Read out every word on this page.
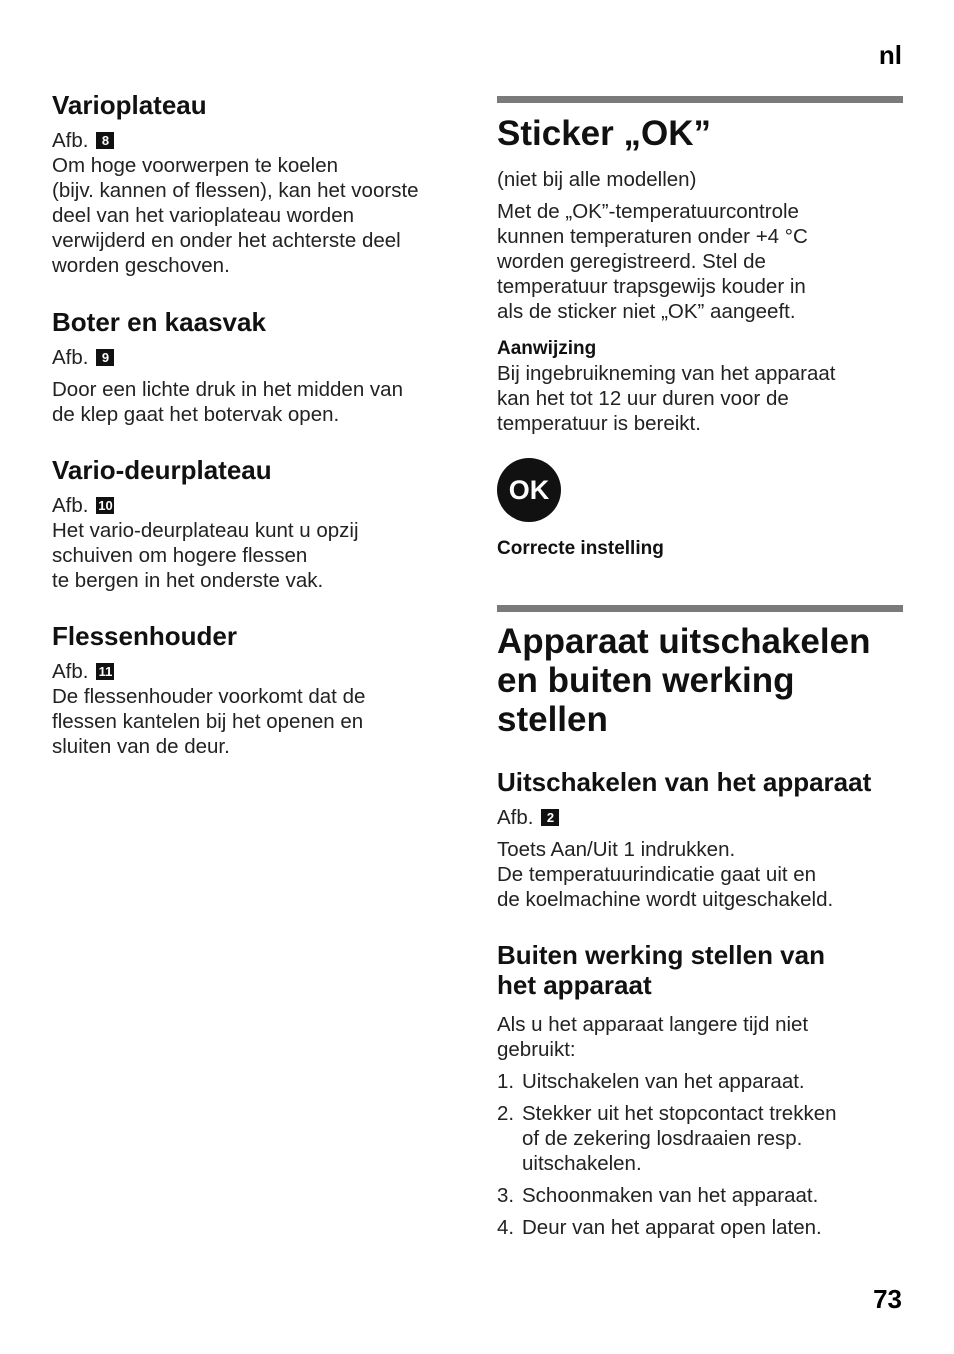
nl
73
Varioplateau
Afb.	8

Om hoge voorwerpen te koelen

(bijv. kannen of flessen), kan het voorste

deel van het varioplateau worden

verwijderd en onder het achterste deel

worden geschoven.

Boter en kaasvak
Afb.	9

Door een lichte druk in het midden van

de klep gaat het botervak open.

Vario-deurplateau
Afb. 10

Het vario-deurplateau kunt u opzij

schuiven om hogere flessen

te bergen in het onderste vak.

Flessenhouder
Afb. 11

De flessenhouder voorkomt dat de

flessen kantelen bij het openen en

sluiten van de deur.

Sticker „OK”

(niet bij alle modellen)

Met de „OK”-temperatuurcontrole

kunnen temperaturen onder +4 °C

worden geregistreerd. Stel de

temperatuur trapsgewijs kouder in

als de sticker niet „OK” aangeeft.

Aanwijzing

Bij ingebruikneming van het apparaat

kan het tot 12 uur duren voor de

temperatuur is bereikt.

OK
Correcte instelling
Apparaat uitschakelen
en buiten werking
stellen
Uitschakelen van het apparaat
Afb.	2

Toets Aan/Uit 1 indrukken.

De temperatuurindicatie gaat uit en

de koelmachine wordt uitgeschakeld.

Buiten werking stellen van
het apparaat

Als u het apparaat langere tijd niet

gebruikt:

1. Uitschakelen van het apparaat.
2. Stekker uit het stopcontact trekken
of de zekering losdraaien resp.
uitschakelen.
3. Schoonmaken van het apparaat.
4. Deur van het apparat open laten.
